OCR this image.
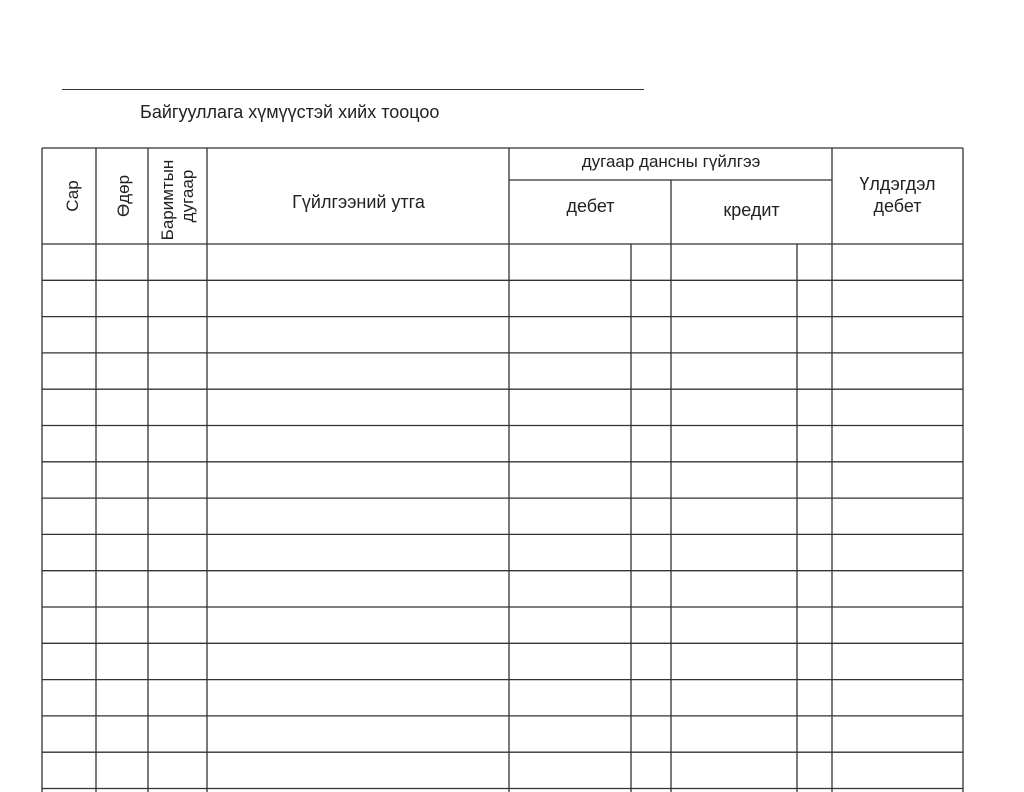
Байгууллага хүмүүстэй хийх тооцоо
Сар Өдөр Баримтын дугаар	Гүйлгээний утга
дугаар дансны гүйлгээ
дебет	кредит
Үлдэгдэл
дебет
